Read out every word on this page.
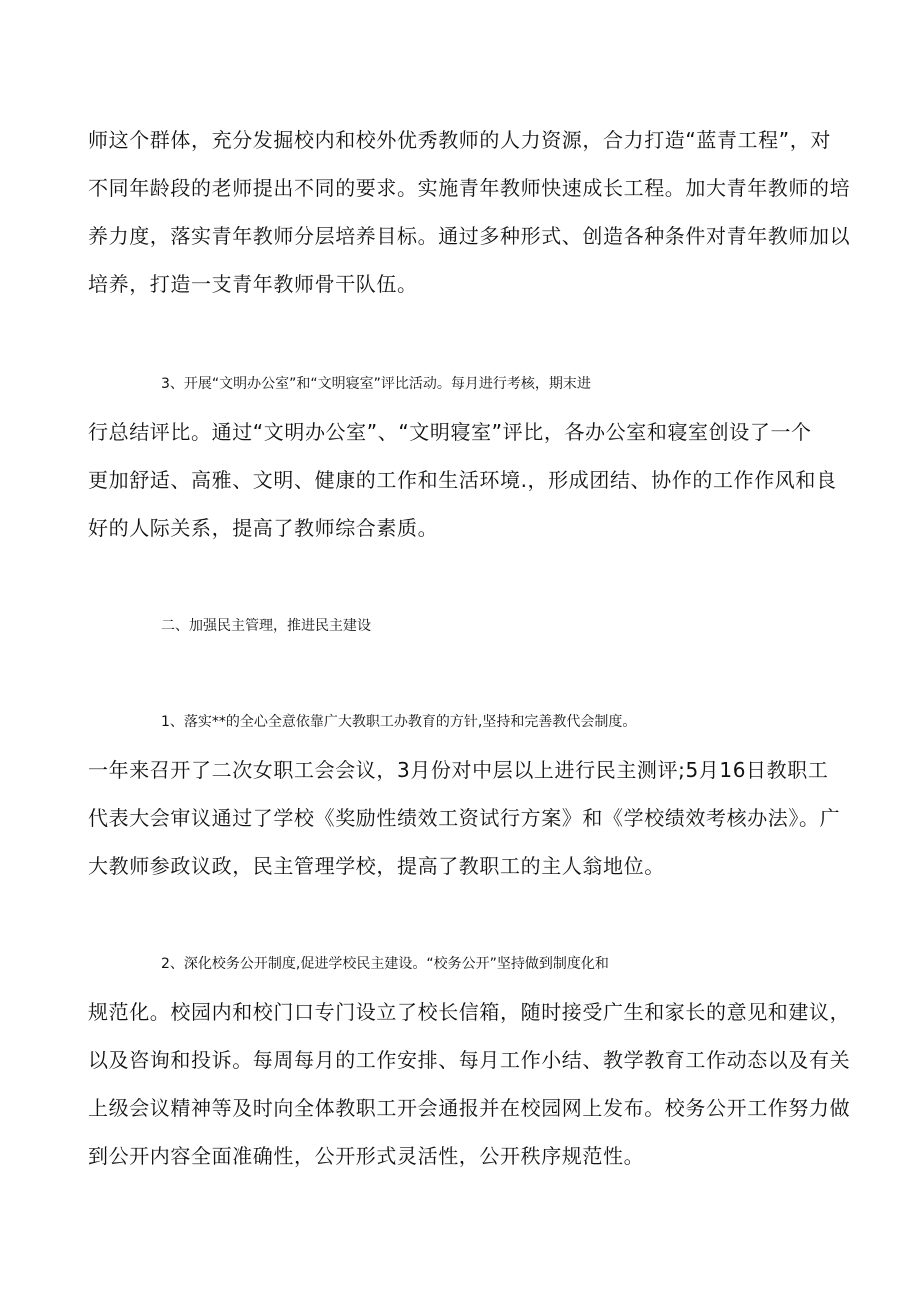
师这个群体，充分发掘校内和校外优秀教师的人力资源，合力打造“蓝青工程”，对
不同年龄段的老师提出不同的要求。实施青年教师快速成长工程。加大青年教师的培
养力度，落实青年教师分层培养目标。通过多种形式、创造各种条件对青年教师加以
培养，打造一支青年教师骨干队伍。
3、开展“文明办公室”和“文明寝室”评比活动。每月进行考核，期末进
行总结评比。通过“文明办公室”、“文明寝室”评比，各办公室和寝室创设了一个
更加舒适、高雅、文明、健康的工作和生活环境.，形成团结、协作的工作作风和良
好的人际关系，提高了教师综合素质。
二、加强民主管理，推进民主建设
1、落实**的全心全意依靠广大教职工办教育的方针,坚持和完善教代会制度。
一年来召开了二次女职工会会议，3月份对中层以上进行民主测评;5月16日教职工
代表大会审议通过了学校《奖励性绩效工资试行方案》和《学校绩效考核办法》。广
大教师参政议政，民主管理学校，提高了教职工的主人翁地位。
2、深化校务公开制度,促进学校民主建设。“校务公开”坚持做到制度化和
规范化。校园内和校门口专门设立了校长信箱，随时接受广生和家长的意见和建议，
以及咨询和投诉。每周每月的工作安排、每月工作小结、教学教育工作动态以及有关
上级会议精神等及时向全体教职工开会通报并在校园网上发布。校务公开工作努力做
到公开内容全面准确性，公开形式灵活性，公开秩序规范性。
